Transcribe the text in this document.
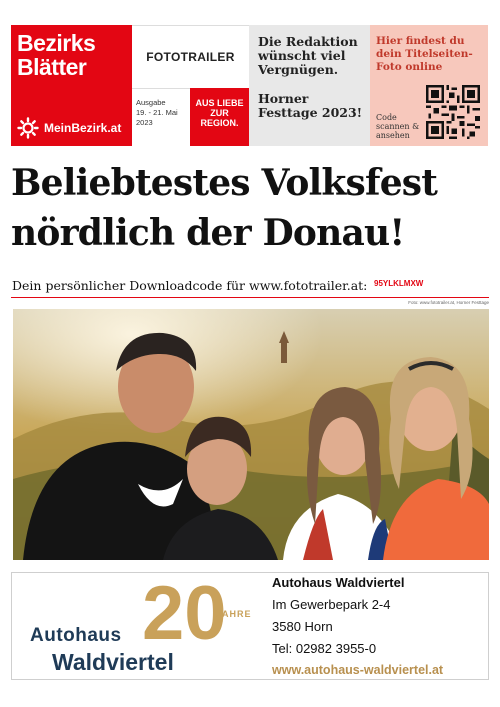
Bezirks
Blätter
MeinBezirk.at
FOTOTRAILER
Ausgabe
19. - 21. Mai
2023
AUS LIEBE
ZUR
REGION.
Die Redaktion wünscht viel Vergnügen.
Horner Festtage 2023!
Hier findest du dein Titelseiten-Foto online
Code scannen & ansehen
Beliebtestes Volksfest
nördlich der Donau!
Dein persönlicher Downloadcode für www.fototrailer.at: 95YLKLMXW
Foto: www.fototrailer.at, Horner Festtage
20
JAHRE
Autohaus
Waldviertel
Autohaus Waldviertel
Im Gewerbepark 2-4
3580 Horn
Tel: 02982 3955-0
www.autohaus-waldviertel.at
